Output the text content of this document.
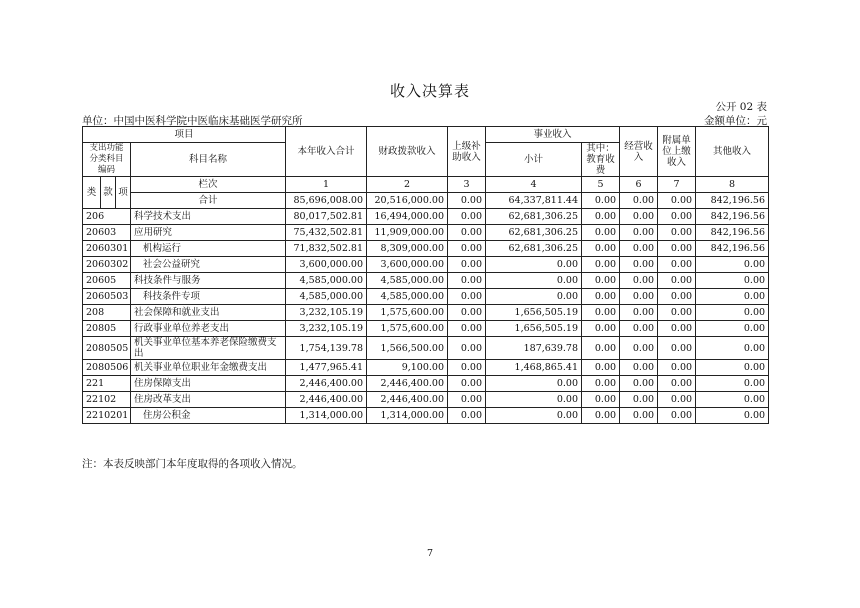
收入决算表
公开 02 表
单位：中国中医科学院中医临床基础医学研究所	金额单位：元
项目				本年收入合计	财政拨款收入	上级补助收入	事业收入		经营收入	附属单位上缴收入	其他收入
支出功能分类科目编码			科目名称				小计	其中：教育收费			

类	款	项	栏次	1	2	3	4	5	6	7	8
			合计	85,696,008.00	20,516,000.00	0.00	64,337,811.44	0.00	0.00	0.00	842,196.56
206			科学技术支出	80,017,502.81	16,494,000.00	0.00	62,681,306.25	0.00	0.00	0.00	842,196.56
20603			应用研究	75,432,502.81	11,909,000.00	0.00	62,681,306.25	0.00	0.00	0.00	842,196.56
2060301			机构运行	71,832,502.81	8,309,000.00	0.00	62,681,306.25	0.00	0.00	0.00	842,196.56
2060302			社会公益研究	3,600,000.00	3,600,000.00	0.00	0.00	0.00	0.00	0.00	0.00
20605			科技条件与服务	4,585,000.00	4,585,000.00	0.00	0.00	0.00	0.00	0.00	0.00
2060503			科技条件专项	4,585,000.00	4,585,000.00	0.00	0.00	0.00	0.00	0.00	0.00
208			社会保障和就业支出	3,232,105.19	1,575,600.00	0.00	1,656,505.19	0.00	0.00	0.00	0.00
20805			行政事业单位养老支出	3,232,105.19	1,575,600.00	0.00	1,656,505.19	0.00	0.00	0.00	0.00
2080505			机关事业单位基本养老保险缴费支出	1,754,139.78	1,566,500.00	0.00	187,639.78	0.00	0.00	0.00	0.00
2080506			机关事业单位职业年金缴费支出	1,477,965.41	9,100.00	0.00	1,468,865.41	0.00	0.00	0.00	0.00
221			住房保障支出	2,446,400.00	2,446,400.00	0.00	0.00	0.00	0.00	0.00	0.00
22102			住房改革支出	2,446,400.00	2,446,400.00	0.00	0.00	0.00	0.00	0.00	0.00
2210201			住房公积金	1,314,000.00	1,314,000.00	0.00	0.00	0.00	0.00	0.00	0.00
注：本表反映部门本年度取得的各项收入情况。
7
